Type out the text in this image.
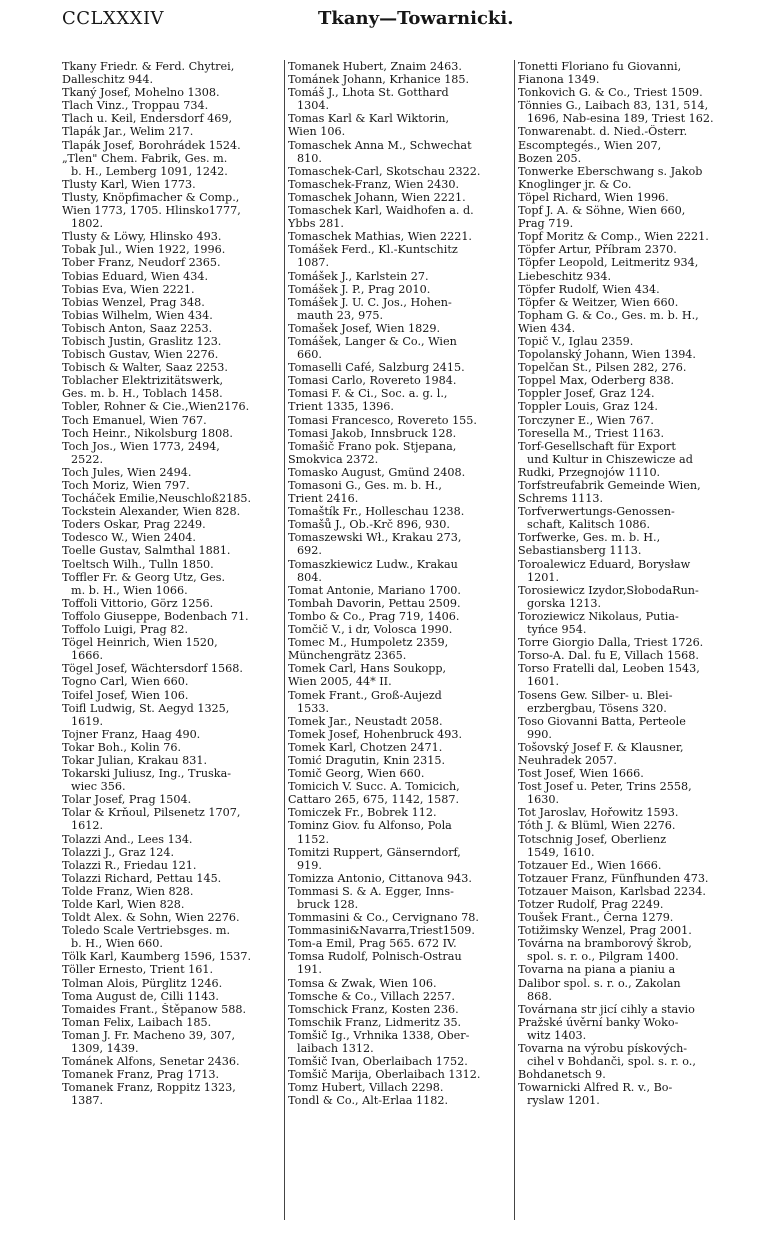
CCLXXXIV	Tkany—Towarnicki.
Tkany Friedr. & Ferd. Chytrei,
Dalleschitz 944.
Tkaný Josef, Mohelno 1308.
Tlach Vinz., Troppau 734.
Tlach u. Keil, Endersdorf 469,
Tlapák Jar., Welim 217.
Tlapák Josef, Borohrádek 1524.
„Tlen" Chem. Fabrik, Ges. m.
b. H., Lemberg 1091, 1242.
Tlusty Karl, Wien 1773.
Tlusty, Knöpfimacher & Comp.,
Wien 1773, 1705. Hlinsko1777,
1802.
Tlusty & Löwy, Hlinsko 493.
Tobak Jul., Wien 1922, 1996.
Tober Franz, Neudorf 2365.
Tobias Eduard, Wien 434.
Tobias Eva, Wien 2221.
Tobias Wenzel, Prag 348.
Tobias Wilhelm, Wien 434.
Tobisch Anton, Saaz 2253.
Tobisch Justin, Graslitz 123.
Tobisch Gustav, Wien 2276.
Tobisch & Walter, Saaz 2253.
Toblacher Elektrizitätswerk,
Ges. m. b. H., Toblach 1458.
Tobler, Rohner & Cie.,Wien2176.
Toch Emanuel, Wien 767.
Toch Heinr., Nikolsburg 1808.
Toch Jos., Wien 1773, 2494,
2522.
Toch Jules, Wien 2494.
Toch Moriz, Wien 797.
Tocháček Emilie,Neuschloß2185.
Tockstein Alexander, Wien 828.
Toders Oskar, Prag 2249.
Todesco W., Wien 2404.
Toelle Gustav, Salmthal 1881.
Toeltsch Wilh., Tulln 1850.
Toffler Fr. & Georg Utz, Ges.
m. b. H., Wien 1066.
Toffoli Vittorio, Görz 1256.
Toffolo Giuseppe, Bodenbach 71.
Toffolo Luigi, Prag 82.
Tögel Heinrich, Wien 1520,
1666.
Tögel Josef, Wächtersdorf 1568.
Togno Carl, Wien 660.
Toifel Josef, Wien 106.
Toifl Ludwig, St. Aegyd 1325,
1619.
Tojner Franz, Haag 490.
Tokar Boh., Kolin 76.
Tokar Julian, Krakau 831.
Tokarski Juliusz, Ing., Truska-
wiec 356.
Tolar Josef, Prag 1504.
Tolar & Krňoul, Pilsenetz 1707,
1612.
Tolazzi And., Lees 134.
Tolazzi J., Graz 124.
Tolazzi R., Friedau 121.
Tolazzi Richard, Pettau 145.
Tolde Franz, Wien 828.
Tolde Karl, Wien 828.
Toldt Alex. & Sohn, Wien 2276.
Toledo Scale Vertriebsges. m.
b. H., Wien 660.
Tölk Karl, Kaumberg 1596, 1537.
Töller Ernesto, Trient 161.
Tolman Alois, Pürglitz 1246.
Toma August de, Cilli 1143.
Tomaides Frant., Štěpanow 588.
Toman Felix, Laibach 185.
Toman J. Fr. Macheno 39, 307,
1309, 1439.
Tománek Alfons, Senetar 2436.
Tomanek Franz, Prag 1713.
Tomanek Franz, Roppitz 1323,
1387.
Tomanek Hubert, Znaim 2463.
Tománek Johann, Krhanice 185.
Tomáš J., Lhota St. Gotthard
1304.
Tomas Karl & Karl Wiktorin,
Wien 106.
Tomaschek Anna M., Schwechat
810.
Tomaschek-Carl, Skotschau 2322.
Tomaschek-Franz, Wien 2430.
Tomaschek Johann, Wien 2221.
Tomaschek Karl, Waidhofen a. d.
Ybbs 281.
Tomaschek Mathias, Wien 2221.
Tomášek Ferd., Kl.-Kuntschitz
1087.
Tomášek J., Karlstein 27.
Tomášek J. P., Prag 2010.
Tomášek J. U. C. Jos., Hohen-
mauth 23, 975.
Tomašek Josef, Wien 1829.
Tomášek, Langer & Co., Wien
660.
Tomaselli Café, Salzburg 2415.
Tomasi Carlo, Rovereto 1984.
Tomasi F. & Ci., Soc. a. g. l.,
Trient 1335, 1396.
Tomasi Francesco, Rovereto 155.
Tomasi Jakob, Innsbruck 128.
Tomašič Frano pok. Stjepana,
Smokvica 2372.
Tomasko August, Gmünd 2408.
Tomasoni G., Ges. m. b. H.,
Trient 2416.
Tomaštík Fr., Holleschau 1238.
Tomašů J., Ob.-Krč 896, 930.
Tomaszewski Wł., Krakau 273,
692.
Tomaszkiewicz Ludw., Krakau
804.
Tomat Antonie, Mariano 1700.
Tombah Davorin, Pettau 2509.
Tombo & Co., Prag 719, 1406.
Tomčič V., i dr, Volosca 1990.
Tomec M., Humpoletz 2359,
Münchengrätz 2365.
Tomek Carl, Hans Soukopp,
Wien 2005, 44* II.
Tomek Frant., Groß-Aujezd
1533.
Tomek Jar., Neustadt 2058.
Tomek Josef, Hohenbruck 493.
Tomek Karl, Chotzen 2471.
Tomić Dragutin, Knin 2315.
Tomič Georg, Wien 660.
Tomicich V. Succ. A. Tomicich,
Cattaro 265, 675, 1142, 1587.
Tomiczek Fr., Bobrek 112.
Tominz Giov. fu Alfonso, Pola
1152.
Tomitzi Ruppert, Gänserndorf,
919.
Tomizza Antonio, Cittanova 943.
Tommasi S. & A. Egger, Inns-
bruck 128.
Tommasini & Co., Cervignano 78.
Tommasini&Navarra,Triest1509.
Tom-a Emil, Prag 565. 672 IV.
Tomsa Rudolf, Polnisch-Ostrau
191.
Tomsa & Zwak, Wien 106.
Tomsche & Co., Villach 2257.
Tomschick Franz, Kosten 236.
Tomschik Franz, Lidmeritz 35.
Tomšič Ig., Vrhnika 1338, Ober-
laibach 1312.
Tomšič Ivan, Oberlaibach 1752.
Tomšič Marija, Oberlaibach 1312.
Tomz Hubert, Villach 2298.
Tondl & Co., Alt-Erlaa 1182.
Tonetti Floriano fu Giovanni,
Fianona 1349.
Tonkovich G. & Co., Triest 1509.
Tönnies G., Laibach 83, 131, 514,
1696, Nab-esina 189, Triest 162.
Tonwarenabt. d. Nied.-Österr.
Escomptegés., Wien 207,
Bozen 205.
Tonwerke Eberschwang s. Jakob
Knoglinger jr. & Co.
Töpel Richard, Wien 1996.
Topf J. A. & Söhne, Wien 660,
Prag 719.
Topf Moritz & Comp., Wien 2221.
Töpfer Artur, Příbram 2370.
Töpfer Leopold, Leitmeritz 934,
Liebeschitz 934.
Töpfer Rudolf, Wien 434.
Töpfer & Weitzer, Wien 660.
Topham G. & Co., Ges. m. b. H.,
Wien 434.
Topič V., Iglau 2359.
Topolanský Johann, Wien 1394.
Topelčan St., Pilsen 282, 276.
Toppel Max, Oderberg 838.
Toppler Josef, Graz 124.
Toppler Louis, Graz 124.
Torczyner E., Wien 767.
Toresella M., Triest 1163.
Torf-Gesellschaft für Export
und Kultur in Chiszewicze ad
Rudki, Przegnojów 1110.
Torfstreufabrik Gemeinde Wien,
Schrems 1113.
Torfverwertungs-Genossen-
schaft, Kalitsch 1086.
Torfwerke, Ges. m. b. H.,
Sebastiansberg 1113.
Toroalewicz Eduard, Borysław
1201.
Torosiewicz Izydor,SłobodaRun-
gorska 1213.
Toroziewicz Nikolaus, Putia-
tyńce 954.
Torre Giorgio Dalla, Triest 1726.
Torso-A. Dal. fu E, Villach 1568.
Torso Fratelli dal, Leoben 1543,
1601.
Tosens Gew. Silber- u. Blei-
erzbergbau, Tösens 320.
Toso Giovanni Batta, Perteole
990.
Tošovský Josef F. & Klausner,
Neuhradek 2057.
Tost Josef, Wien 1666.
Tost Josef u. Peter, Trins 2558,
1630.
Tot Jaroslav, Hořowitz 1593.
Tóth J. & Blüml, Wien 2276.
Totschnig Josef, Oberlienz
1549, 1610.
Totzauer Ed., Wien 1666.
Totzauer Franz, Fünfhunden 473.
Totzauer Maison, Karlsbad 2234.
Totzer Rudolf, Prag 2249.
Toušek Frant., Černa 1279.
Totižimsky Wenzel, Prag 2001.
Továrna na bramborový škrob,
spol. s. r. o., Pilgram 1400.
Tovarna na piana a pianiu a
Dalibor spol. s. r. o., Zakolan
868.
Továrnana str jicí cihly a stavio
Pražské úvěrní banky Woko-
witz 1403.
Tovarna na výrobu pískových-
cihel v Bohdanči, spol. s. r. o.,
Bohdanetsch 9.
Towarnicki Alfred R. v., Bo-
ryslaw 1201.
